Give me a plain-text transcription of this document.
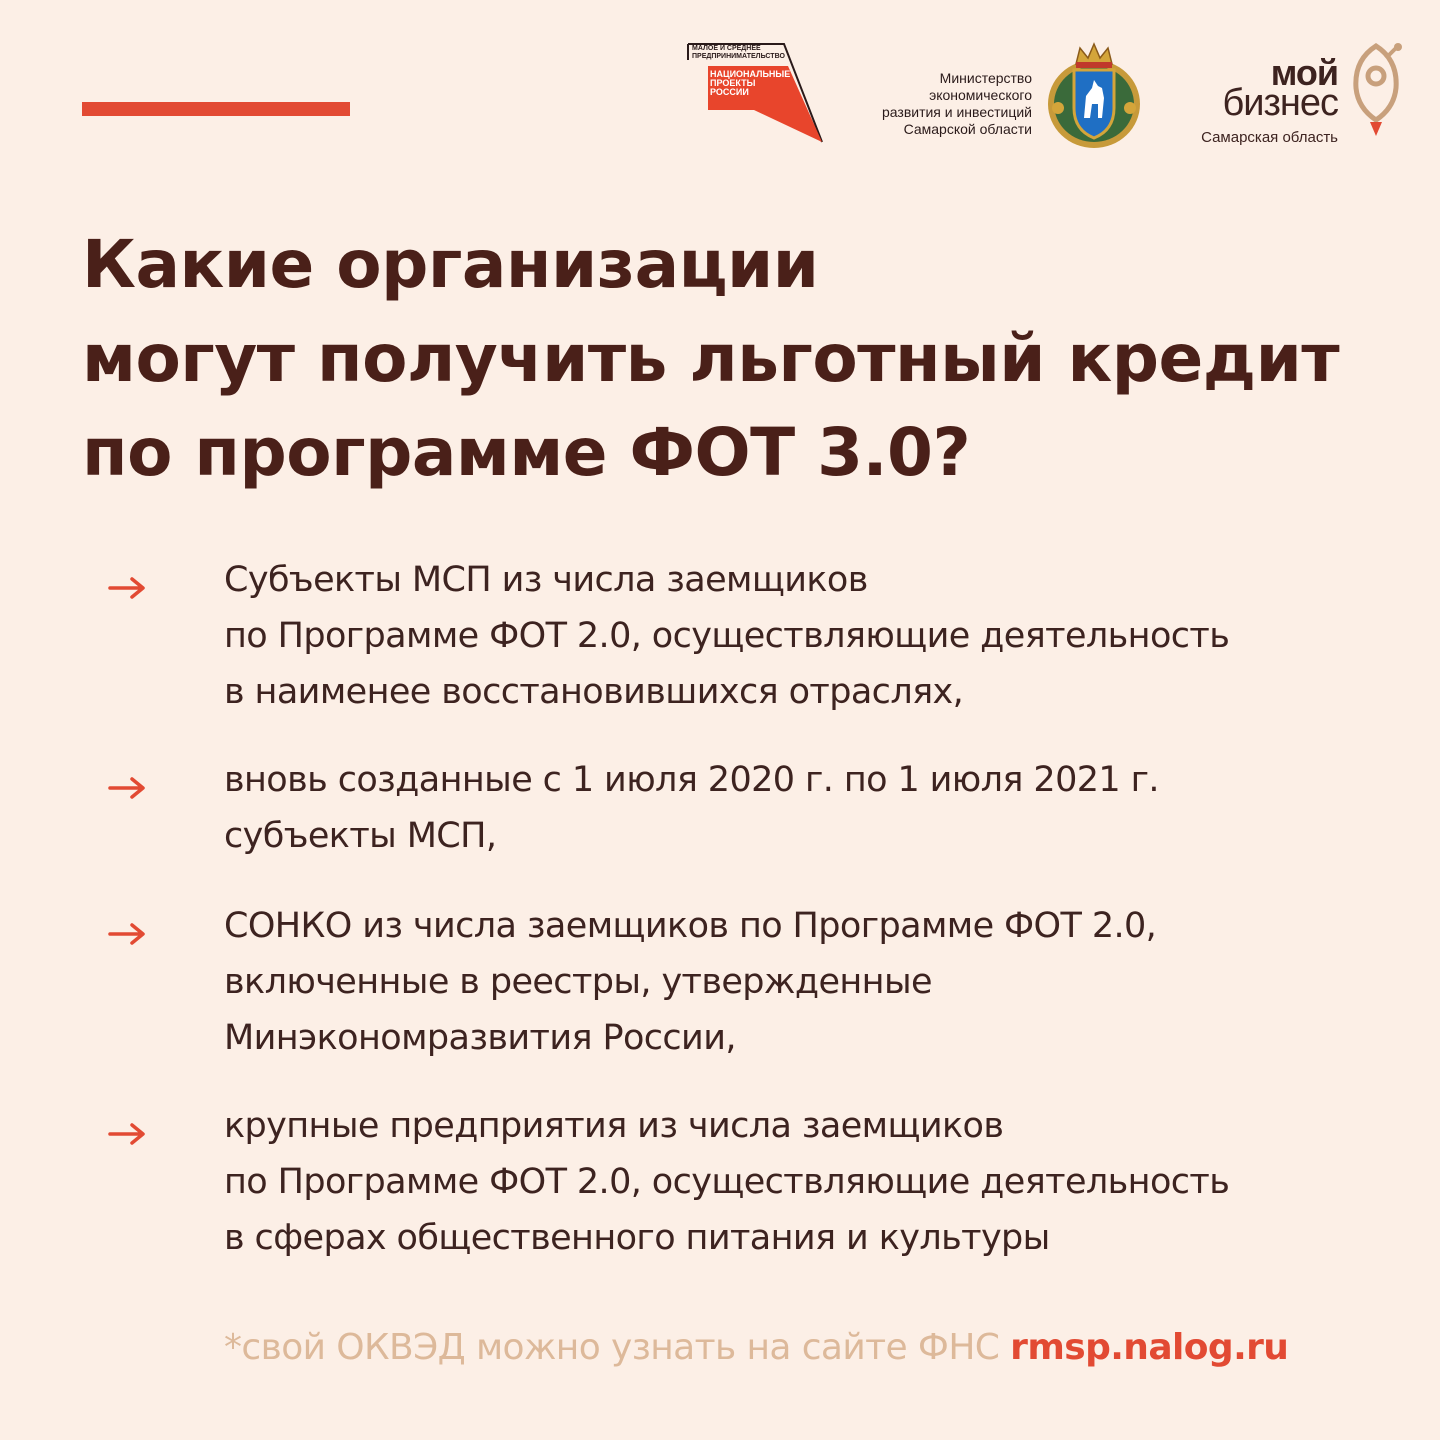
МАЛОЕ И СРЕДНЕЕ
ПРЕДПРИНИМАТЕЛЬСТВО
НАЦИОНАЛЬНЫЕ
ПРОЕКТЫ
РОССИИ
Министерство
экономического
развития и инвестиций
Самарской области
мой
бизнес
Самарская область
Какие организации
могут получить льготный кредит
по программе ФОТ 3.0?
Субъекты МСП из числа заемщиков
по Программе ФОТ 2.0, осуществляющие деятельность
в наименее восстановившихся отраслях,
вновь созданные с 1 июля 2020 г. по 1 июля 2021 г.
субъекты МСП,
СОНКО из числа заемщиков по Программе ФОТ 2.0,
включенные в реестры, утвержденные
Минэкономразвития России,
крупные предприятия из числа заемщиков
по Программе ФОТ 2.0, осуществляющие деятельность
в сферах общественного питания и культуры
*свой ОКВЭД можно узнать на сайте ФНС rmsp.nalog.ru
